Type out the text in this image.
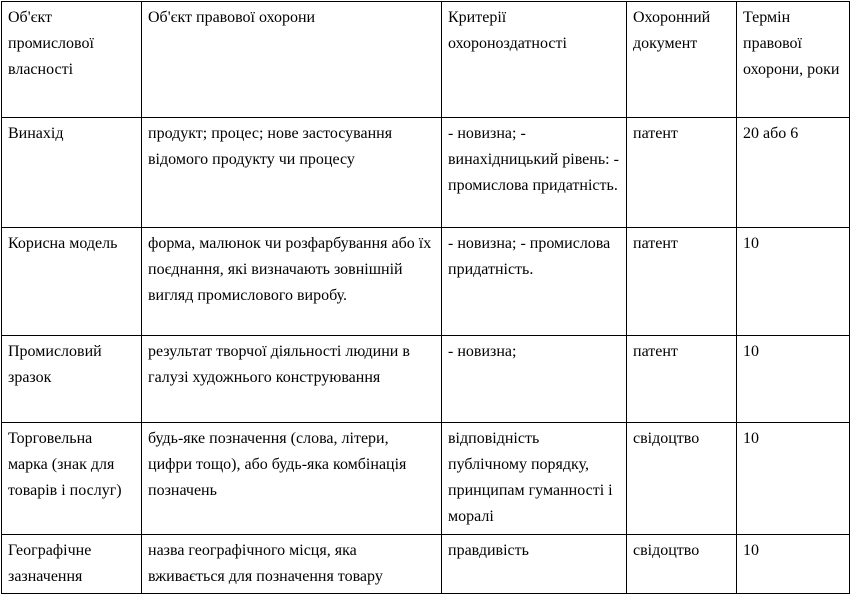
Об'єкт промислової власності	Об'єкт правової охорони	Критерії охороноздатності	Охоронний документ	Термін правової охорони, роки
Винахід	продукт; процес; нове застосування відомого продукту чи процесу	- новизна; - винахідницький рівень: - промислова придатність.	патент	20 або 6
Корисна модель	форма, малюнок чи розфарбування або їх поєднання, які визначають зовнішній вигляд промислового виробу.	- новизна; - промислова придатність.	патент	10
Промисловий зразок	результат творчої діяльності людини в галузі художнього конструювання	- новизна;	патент	10
Торговельна марка (знак для товарів і послуг)	будь-яке позначення (слова, літери, цифри тощо), або будь-яка комбінація позначень	відповідність публічному порядку, принципам гуманності і моралі	свідоцтво	10
Географічне зазначення	назва географічного місця, яка вживається для позначення товару	правдивість	свідоцтво	10
